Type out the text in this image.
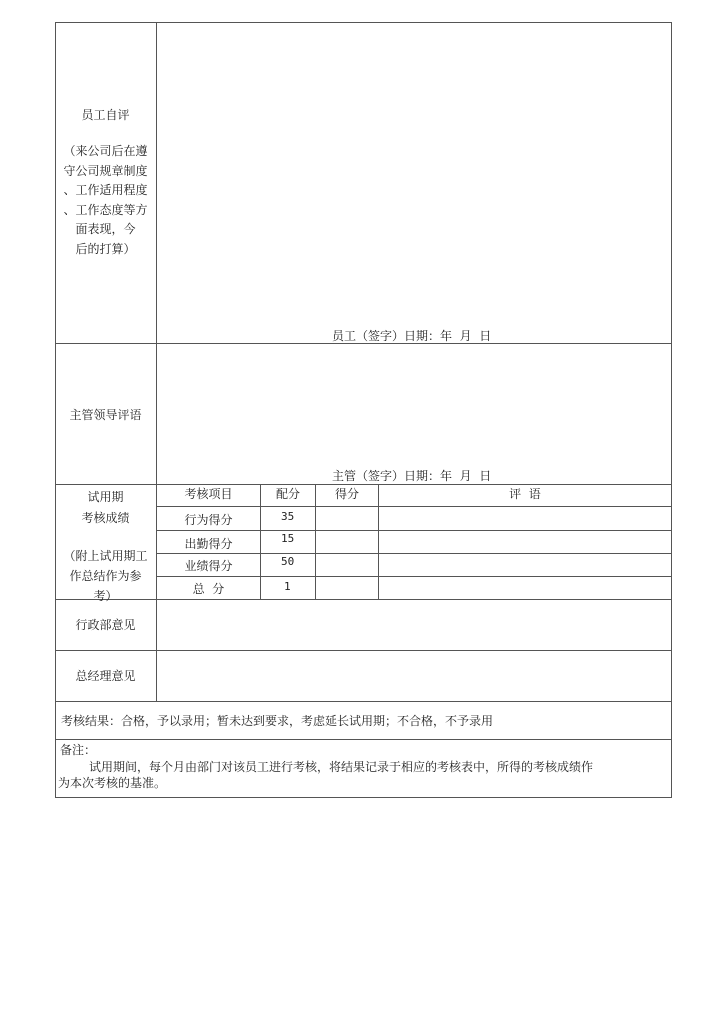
员工自评
（来公司后在遵
守公司规章制度
、工作适用程度
、工作态度等方
面表现，今
后的打算）
员工（签字）日期：年  月  日
主管领导评语
主管（签字）日期：年  月  日
试用期
考核成绩
（附上试用期工
作总结作为参
考）
考核项目	配分	得分	评  语
行为得分	35
出勤得分	15
业绩得分	50
总  分	1
行政部意见
总经理意见
考核结果：合格，予以录用；暂未达到要求，考虑延长试用期；不合格，不予录用
备注：
试用期间，每个月由部门对该员工进行考核，将结果记录于相应的考核表中，所得的考核成绩作
为本次考核的基准。
